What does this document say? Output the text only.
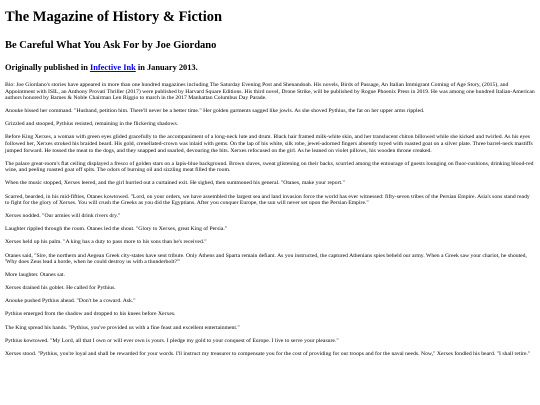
The Magazine of History & Fiction
Be Careful What You Ask For by Joe Giordano
Originally published in Infective Ink in January 2013.

Bio: Joe Giordano's stories have appeared in more than one hundred magazines including The Saturday Evening Post and Shenandoah. His novels, Birds of Passage, An Italian Immigrant Coming of Age Story, (2015), and Appointment with ISIL, an Anthony Provati Thriller (2017) were published by Harvard Square Editions. His third novel, Drone Strike, will be published by Rogue Phoenix Press in 2019. He was among one hundred Italian-American authors honored by Barnes & Noble Chairman Len Riggio to march in the 2017 Manhattan Columbus Day Parade.

Anouke hissed her command. "Husband, petition him. There'll never be a better time." Her golden garments sagged like jowls. As she shoved Pythius, the fat on her upper arms rippled.

Grizzled and stooped, Pythius resisted, remaining in the flickering shadows.

Before King Xerxes, a woman with green eyes glided gracefully to the accompaniment of a long-neck lute and drum. Black hair framed milk-white skin, and her translucent chiton billowed while she kicked and twirled. As his eyes followed her, Xerxes stroked his braided beard. His gold, crenellated-crown was inlaid with gems. On the lap of his white, silk robe, jewel-adorned fingers absently toyed with roasted goat on a silver plate. Three barrel-neck mastiffs jumped forward. He tossed the meat to the dogs, and they snapped and snarled, devouring the bits. Xerxes refocused on the girl. As he leaned on violet pillows, his wooden throne creaked.

The palace great-room's flat ceiling displayed a fresco of golden stars on a lapis-blue background. Brown slaves, sweat glistening on their backs, scurried among the entourage of guests lounging on fluor-cushions, drinking blood-red wine, and peeling roasted goat off spits. The odors of burning oil and sizzling meat filled the room.

When the music stopped, Xerxes leered, and the girl hurried out a curtained exit. He sighed, then summoned his general. "Otanes, make your report."

Scarred, bearded, in his mid-fifties, Otanes kowtowed. "Lord, on your orders, we have assembled the largest sea and land invasion force the world has ever witnessed: fifty-seven tribes of the Persian Empire. Asia's sons stand ready to fight for the glory of Xerxes. You will crush the Greeks as you did the Egyptians. After you conquer Europe, the sun will never set upon the Persian Empire."

Xerxes nodded. "Our armies will drink rivers dry."

Laughter rippled through the room. Otanes led the shout. "Glory to Xerxes, great King of Persia."

Xerxes held up his palm. "A king has a duty to pass more to his sons than he's received."

Otanes said, "Sire, the northern and Aegean Greek city-states have sent tribute. Only Athens and Sparta remain defiant. As you instructed, the captured Athenians spies beheld our army. When a Greek saw your chariot, he shouted, 'Why does Zeus lead a horde, when he could destroy us with a thunderbolt?'"

More laughter. Otanes sat.

Xerxes drained his goblet. He called for Pythius.

Anouke pushed Pythius ahead. "Don't be a coward. Ask."

Pythius emerged from the shadow and dropped to his knees before Xerxes.

The King spread his hands. "Pythius, you've provided us with a fine feast and excellent entertainment."

Pythius kowtowed. "My Lord, all that I own or will ever own is yours. I pledge my gold to your conquest of Europe. I live to serve your pleasure."

Xerxes stood. "Pythius, you're loyal and shall be rewarded for your words. I'll instruct my treasurer to compensate you for the cost of providing for our troops and for the naval needs. Now," Xerxes fondled his beard. "I shall retire."
